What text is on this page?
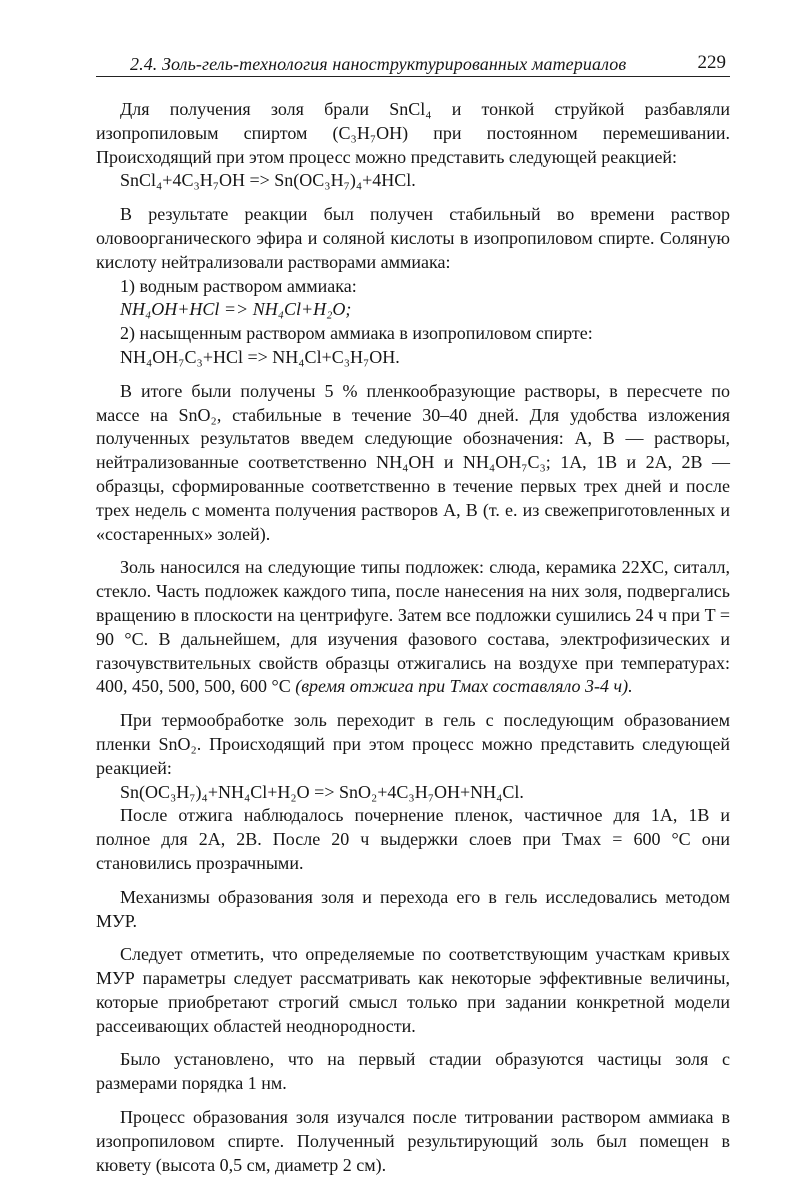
2.4. Золь-гель-технология наноструктурированных материалов	229

Для получения золя брали SnCl₄ и тонкой струйкой разбавляли изопропиловым спиртом (C₃H₇OH) при постоянном перемешивании. Происходящий при этом процесс можно представить следующей реакцией:

SnCl₄+4C₃H₇OH => Sn(OC₃H₇)₄+4HCl.

В результате реакции был получен стабильный во времени раствор оловоорганического эфира и соляной кислоты в изопропиловом спирте. Соляную кислоту нейтрализовали растворами аммиака:

1) водным раствором аммиака:

NH₄OH+HCl => NH₄Cl+H₂O;

2) насыщенным раствором аммиака в изопропиловом спирте:

NH₄OH₇C₃+HCl => NH₄Cl+C₃H₇OH.

В итоге были получены 5 % пленкообразующие растворы, в пересчете по массе на SnO₂, стабильные в течение 30–40 дней. Для удобства изложения полученных результатов введем следующие обозначения: А, В — растворы, нейтрализованные соответственно NH₄OH и NH₄OH₇C₃; 1А, 1В и 2А, 2В — образцы, сформированные соответственно в течение первых трех дней и после трех недель с момента получения растворов А, В (т. е. из свежеприготовленных и «состаренных» золей).

Золь наносился на следующие типы подложек: слюда, керамика 22ХС, ситалл, стекло. Часть подложек каждого типа, после нанесения на них золя, подвергались вращению в плоскости на центрифуге. Затем все подложки сушились 24 ч при T = 90 °С. В дальнейшем, для изучения фазового состава, электрофизических и газочувствительных свойств образцы отжигались на воздухе при температурах: 400, 450, 500, 500, 600 °С (время отжига при Tмах составляло 3-4 ч).

При термообработке золь переходит в гель с последующим образованием пленки SnO₂. Происходящий при этом процесс можно представить следующей реакцией:

Sn(OC₃H₇)₄+NH₄Cl+H₂O => SnO₂+4C₃H₇OH+NH₄Cl.

После отжига наблюдалось почернение пленок, частичное для 1А, 1В и полное для 2А, 2В. После 20 ч выдержки слоев при Tмах = 600 °С они становились прозрачными.

Механизмы образования золя и перехода его в гель исследовались методом МУР.

Следует отметить, что определяемые по соответствующим участкам кривых МУР параметры следует рассматривать как некоторые эффективные величины, которые приобретают строгий смысл только при задании конкретной модели рассеивающих областей неоднородности.

Было установлено, что на первый стадии образуются частицы золя с размерами порядка 1 нм.

Процесс образования золя изучался после титровании раствором аммиака в изопропиловом спирте. Полученный результирующий золь был помещен в кювету (высота 0,5 см, диаметр 2 см).
